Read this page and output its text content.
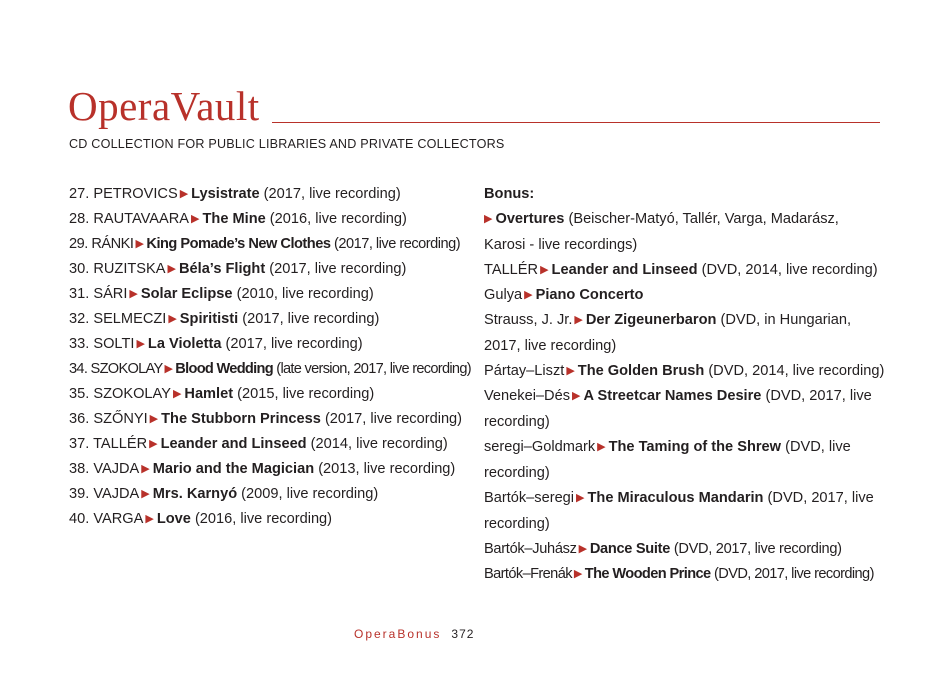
OperaVault
CD COLLECTION FOR PUBLIC LIBRARIES AND PRIVATE COLLECTORS
27. PETROVICS ▶ Lysistrate (2017, live recording)
28. RAUTAVAARA ▶ The Mine (2016, live recording)
29. RÁNKI ▶ King Pomade’s New Clothes (2017, live recording)
30. RUZITSKA ▶ Béla’s Flight (2017, live recording)
31. SÁRI ▶ Solar Eclipse (2010, live recording)
32. SELMECZI ▶ Spiritisti (2017, live recording)
33. SOLTI ▶ La Violetta (2017, live recording)
34. SZOKOLAY ▶ Blood Wedding (late version, 2017, live recording)
35. SZOKOLAY ▶ Hamlet (2015, live recording)
36. SZŐNYI ▶ The Stubborn Princess (2017, live recording)
37. TALLÉR ▶ Leander and Linseed (2014, live recording)
38. VAJDA ▶ Mario and the Magician (2013, live recording)
39. VAJDA ▶ Mrs. Karnyó (2009, live recording)
40. VARGA ▶ Love (2016, live recording)
Bonus:
▶ Overtures (Beischer-Matyó, Tallér, Varga, Madarász, Karosi - live recordings)
TALLÉR ▶ Leander and Linseed (DVD, 2014, live recording)
Gulya ▶ Piano Concerto
Strauss, J. Jr. ▶ Der Zigeunerbaron (DVD, in Hungarian, 2017, live recording)
Pártay–Liszt ▶ The Golden Brush (DVD, 2014, live recording)
Venekei–Dés ▶ A Streetcar Names Desire (DVD, 2017, live recording)
seregi–Goldmark ▶ The Taming of the Shrew (DVD, live recording)
Bartók–seregi ▶ The Miraculous Mandarin (DVD, 2017, live recording)
Bartók–Juhász ▶ Dance Suite (DVD, 2017, live recording)
Bartók–Frenák ▶ The Wooden Prince (DVD, 2017, live recording)
OperaBonus 372
